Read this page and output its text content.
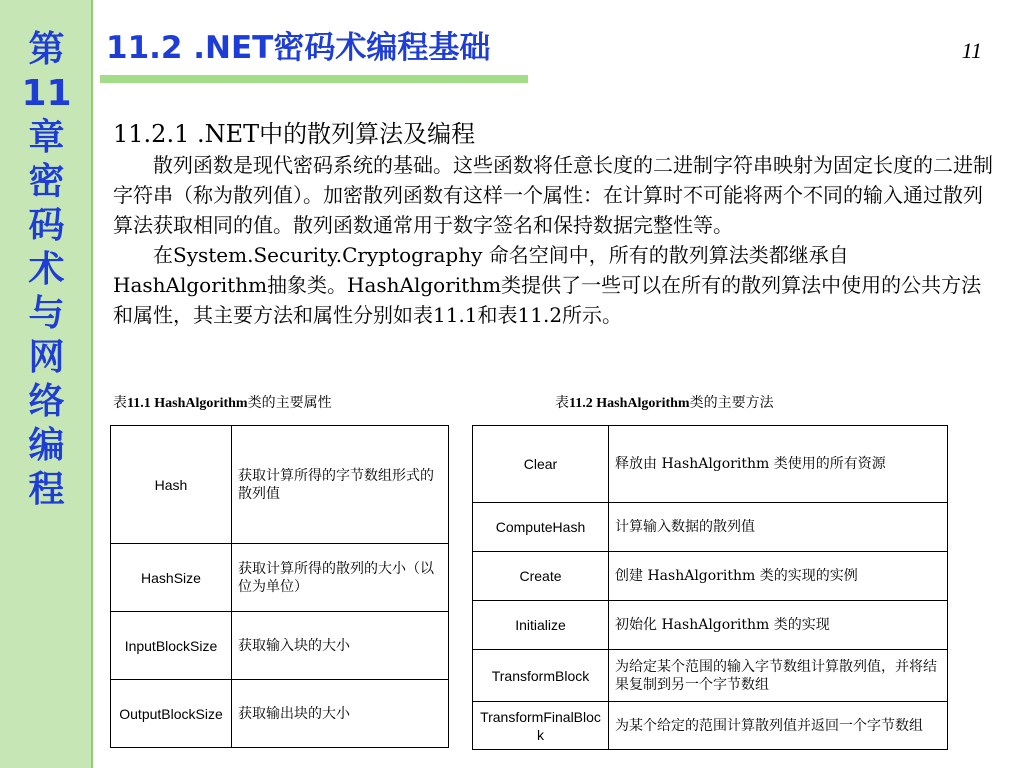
第
11
章
密
码
术
与
网
络
编
程
11.2 .NET密码术编程基础	11
11.2.1 .NET中的散列算法及编程

散列函数是现代密码系统的基础。这些函数将任意长度的二进制字符串映射为固定长度的二进制字符串（称为散列值）。加密散列函数有这样一个属性：在计算时不可能将两个不同的输入通过散列算法获取相同的值。散列函数通常用于数字签名和保持数据完整性等。

在System.Security.Cryptography 命名空间中，所有的散列算法类都继承自HashAlgorithm抽象类。HashAlgorithm类提供了一些可以在所有的散列算法中使用的公共方法和属性，其主要方法和属性分别如表11.1和表11.2所示。

表11.1 HashAlgorithm类的主要属性	表11.2 HashAlgorithm类的主要方法
Hash	获取计算所得的字节数组形式的散列值
HashSize	获取计算所得的散列的大小（以位为单位）
InputBlockSize	获取输入块的大小
OutputBlockSize	获取输出块的大小
Clear	释放由 HashAlgorithm 类使用的所有资源
ComputeHash	计算输入数据的散列值
Create	创建 HashAlgorithm 类的实现的实例
Initialize	初始化 HashAlgorithm 类的实现
TransformBlock	为给定某个范围的输入字节数组计算散列值，并将结果复制到另一个字节数组
TransformFinalBlock	为某个给定的范围计算散列值并返回一个字节数组
